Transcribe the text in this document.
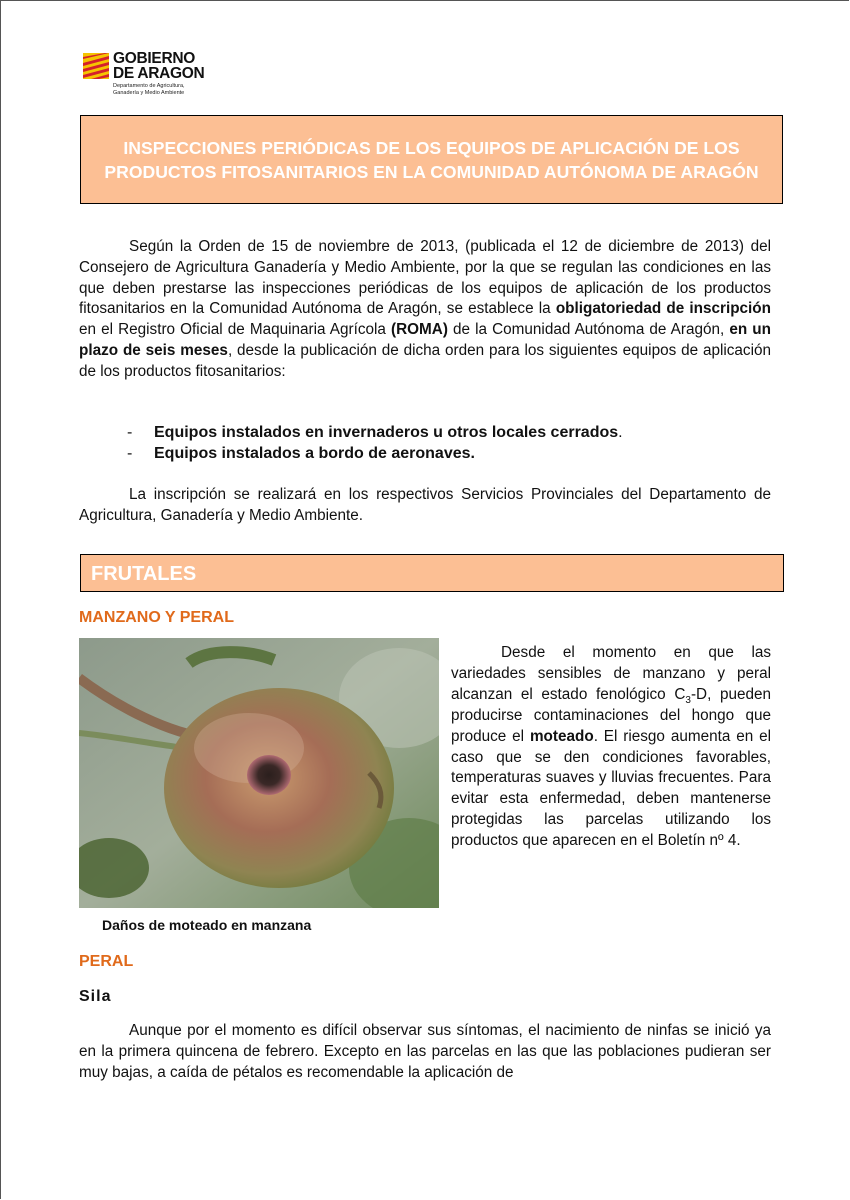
GOBIERNO
DE ARAGON
Departamento de Agricultura,
Ganadería y Medio Ambiente

INSPECCIONES PERIÓDICAS DE LOS EQUIPOS DE APLICACIÓN DE LOS PRODUCTOS FITOSANITARIOS EN LA COMUNIDAD AUTÓNOMA DE ARAGÓN

Según la Orden de 15 de noviembre de 2013, (publicada el 12 de diciembre de 2013) del Consejero de Agricultura Ganadería y Medio Ambiente, por la que se regulan las condiciones en las que deben prestarse las inspecciones periódicas de los equipos de aplicación de los productos fitosanitarios en la Comunidad Autónoma de Aragón, se establece la obligatoriedad de inscripción en el Registro Oficial de Maquinaria Agrícola (ROMA) de la Comunidad Autónoma de Aragón, en un plazo de seis meses, desde la publicación de dicha orden para los siguientes equipos de aplicación de los productos fitosanitarios:

- Equipos instalados en invernaderos u otros locales cerrados.
- Equipos instalados a bordo de aeronaves.

La inscripción se realizará en los respectivos Servicios Provinciales del Departamento de Agricultura, Ganadería y Medio Ambiente.

FRUTALES

MANZANO Y PERAL

Daños de moteado en manzana

Desde el momento en que las variedades sensibles de manzano y peral alcanzan el estado fenológico $C_3-D$, pueden producirse contaminaciones del hongo que produce el moteado. El riesgo aumenta en el caso que se den condiciones favorables, temperaturas suaves y lluvias frecuentes. Para evitar esta enfermedad, deben mantenerse protegidas las parcelas utilizando los productos que aparecen en el Boletín nº 4.

PERAL

Sila

Aunque por el momento es difícil observar sus síntomas, el nacimiento de ninfas se inició ya en la primera quincena de febrero. Excepto en las parcelas en las que las poblaciones pudieran ser muy bajas, a caída de pétalos es recomendable la aplicación de
